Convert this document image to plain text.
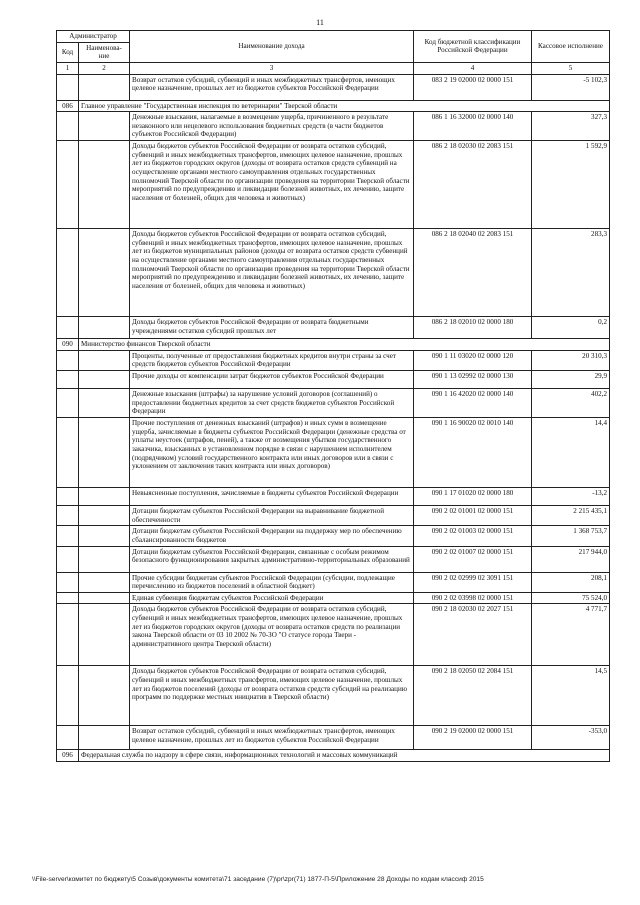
11
Администратор		Наименование дохода	Код бюджетной классификации Российской Федерации	Кассовое исполнение
Код	Наименова-ние			
1	2	3	4	5
		Возврат остатков субсидий, субвенций и иных межбюджетных трансфертов, имеющих целевое назначение, прошлых лет из бюджетов субъектов Российской Федерации	083 2 19 02000 02 0000 151	-5 102,3
086	Главное управление "Государственная инспекция по ветеринарии" Тверской области			
		Денежные взыскания, налагаемые в возмещение ущерба, причиненного в результате незаконного или нецелевого использования бюджетных средств (в части бюджетов субъектов Российской Федерации)	086 1 16 32000 02 0000 140	327,3
		Доходы бюджетов субъектов Российской Федерации от возврата остатков субсидий, субвенций и иных межбюджетных трансфертов, имеющих целевое назначение, прошлых лет из бюджетов городских округов (доходы от возврата остатков средств субвенций на осуществление органами местного самоуправления отдельных государственных полномочий Тверской области по организации проведения на территории Тверской области мероприятий по предупреждению и ликвидации болезней животных, их лечению, защите населения от болезней, общих для человека и животных)	086 2 18 02030 02 2083 151	1 592,9
		Доходы бюджетов субъектов Российской Федерации от возврата остатков субсидий, субвенций и иных межбюджетных трансфертов, имеющих целевое назначение, прошлых лет из бюджетов муниципальных районов (доходы от возврата остатков средств субвенций на осуществление органами местного самоуправления отдельных государственных полномочий Тверской области по организации проведения на территории Тверской области мероприятий по предупреждению и ликвидации болезней животных, их лечению, защите населения от болезней, общих для человека и животных)	086 2 18 02040 02 2083 151	283,3
		Доходы бюджетов субъектов Российской Федерации от возврата бюджетными учреждениями остатков субсидий прошлых лет	086 2 18 02010 02 0000 180	0,2
090	Министерство финансов Тверской области			
		Проценты, полученные от предоставления бюджетных кредитов внутри страны за счет средств бюджетов субъектов Российской Федерации	090 1 11 03020 02 0000 120	20 310,3
		Прочие доходы от компенсации затрат бюджетов субъектов Российской Федерации	090 1 13 02992 02 0000 130	29,9
		Денежные взыскания (штрафы) за нарушение условий договоров (соглашений) о предоставлении бюджетных кредитов за счет средств бюджетов субъектов Российской Федерации	090 1 16 42020 02 0000 140	402,2
		Прочие поступления от денежных взысканий (штрафов) и иных сумм в возмещение ущерба, зачисляемые в бюджеты субъектов Российской Федерации (денежные средства от уплаты неустоек (штрафов, пеней), а также от возмещения убытков государственного заказчика, взысканных в установленном порядке в связи с нарушением исполнителем (подрядчиком) условий государственного контракта или иных договоров или в связи с уклонением от заключения таких контракта или иных договоров)	090 1 16 90020 02 0010 140	14,4
		Невыясненные поступления, зачисляемые в бюджеты субъектов Российской Федерации	090 1 17 01020 02 0000 180	-13,2
		Дотации бюджетам субъектов Российской Федерации на выравнивание бюджетной обеспеченности	090 2 02 01001 02 0000 151	2 215 435,1
		Дотации бюджетам субъектов Российской Федерации на поддержку мер по обеспечению сбалансированности бюджетов	090 2 02 01003 02 0000 151	1 368 753,7
		Дотации бюджетам субъектов Российской Федерации, связанные с особым режимом безопасного функционирования закрытых административно-территориальных образований	090 2 02 01007 02 0000 151	217 944,0
		Прочие субсидии бюджетам субъектов Российской Федерации (субсидии, подлежащие перечислению из бюджетов поселений в областной бюджет)	090 2 02 02999 02 3091 151	208,1
		Единая субвенция бюджетам субъектов Российской Федерации	090 2 02 03998 02 0000 151	75 524,0
		Доходы бюджетов субъектов Российской Федерации от возврата остатков субсидий, субвенций и иных межбюджетных трансфертов, имеющих целевое назначение, прошлых лет из бюджетов городских округов (доходы от возврата остатков средств по реализации закона Тверской области от 03 10 2002 № 70-ЗО "О статусе города Твери - административного центра Тверской области)	090 2 18 02030 02 2027 151	4 771,7
		Доходы бюджетов субъектов Российской Федерации от возврата остатков субсидий, субвенций и иных межбюджетных трансфертов, имеющих целевое назначение, прошлых лет из бюджетов поселений (доходы от возврата остатков средств субсидий на реализацию программ по поддержке местных инициатив в Тверской области)	090 2 18 02050 02 2084 151	14,5
		Возврат остатков субсидий, субвенций и иных межбюджетных трансфертов, имеющих целевое назначение, прошлых лет из бюджетов субъектов Российской Федерации	090 2 19 02000 02 0000 151	-353,0
096	Федеральная служба по надзору в сфере связи, информационных технологий и массовых коммуникаций			
\\File-server\комитет по бюджету\5 Созыв\документы комитета\71 заседание (7)\pr\zpr(71) 1877-П-5\Приложение 28 Доходы по кодам классиф 2015
